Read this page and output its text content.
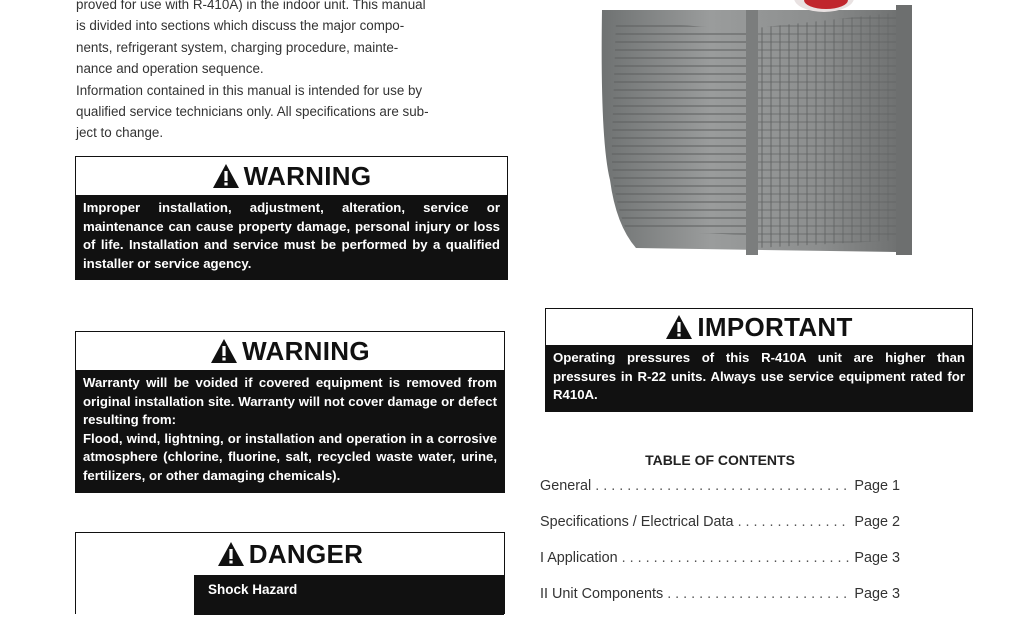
proved for use with R-410A) in the indoor unit. This manual

is divided into sections which discuss the major compo-

nents, refrigerant system, charging procedure, mainte-

nance and operation sequence.

Information contained in this manual is intended for use by

qualified service technicians only. All specifications are sub-

ject to change.

WARNING

Improper installation, adjustment, alteration, service or maintenance can cause property damage, personal injury or loss of life. Installation and service must be performed by a qualified installer or service agency.

WARNING

Warranty will be voided if covered equipment is removed from original installation site. Warranty will not cover damage or defect resulting from:

Flood, wind, lightning, or installation and operation in a corrosive atmosphere (chlorine, fluorine, salt, recycled waste water, urine, fertilizers, or other damaging chemicals).

DANGER
Shock Hazard
IMPORTANT

Operating pressures of this R-410A unit are higher than pressures in R-22 units. Always use service equipment rated for R410A.

TABLE OF CONTENTS
General . . .	Page 1
Specifications / Electrical Data . . .	Page 2
I Application . . .	Page 3
II Unit Components . . .	Page 3
